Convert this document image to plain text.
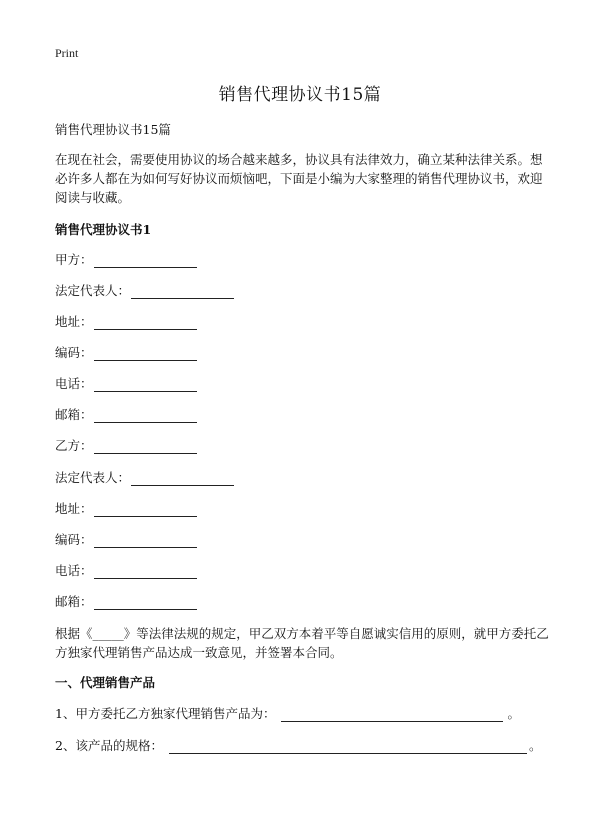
Print
销售代理协议书15篇
销售代理协议书15篇

在现在社会，需要使用协议的场合越来越多，协议具有法律效力，确立某种法律关系。想必许多人都在为如何写好协议而烦恼吧，下面是小编为大家整理的销售代理协议书，欢迎阅读与收藏。

销售代理协议书1
甲方：
法定代表人：
地址：
编码：
电话：
邮箱：
乙方：
法定代表人：
地址：
编码：
电话：
邮箱：

根据《_____》等法律法规的规定，甲乙双方本着平等自愿诚实信用的原则，就甲方委托乙方独家代理销售产品达成一致意见，并签署本合同。

一、代理销售产品
1、甲方委托乙方独家代理销售产品为：	。
2、该产品的规格：	。
